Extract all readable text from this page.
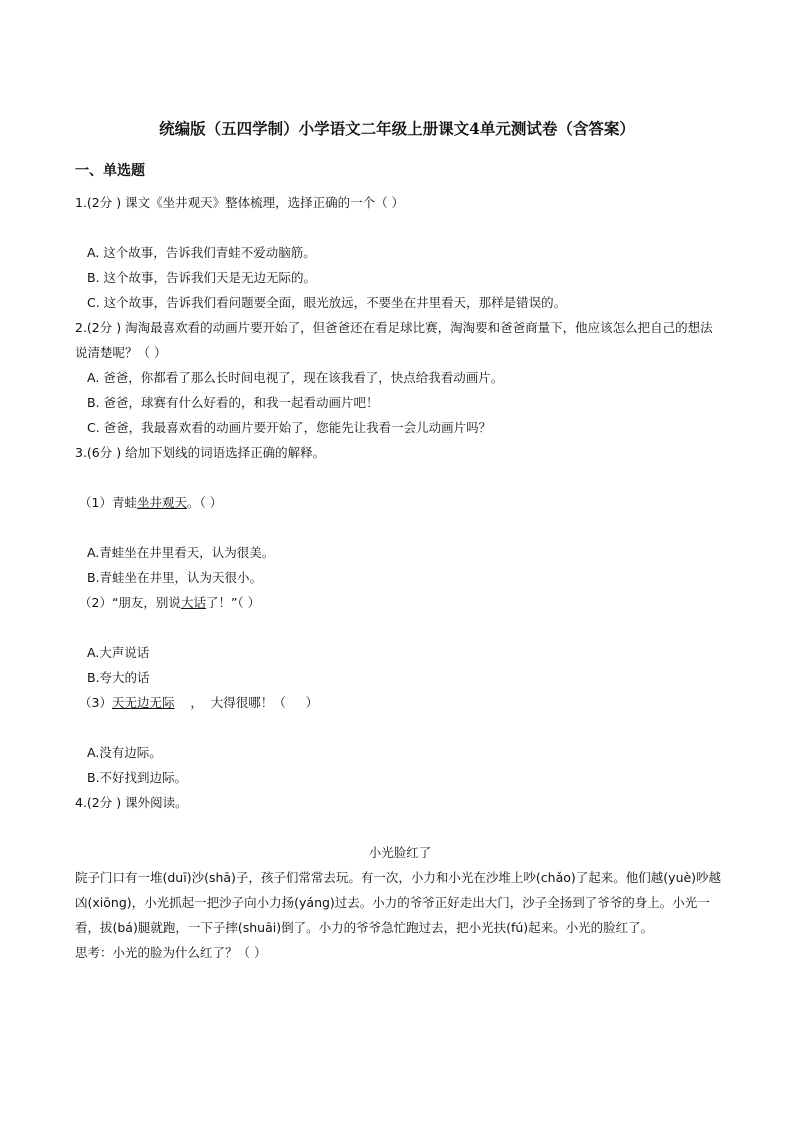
统编版（五四学制）小学语文二年级上册课文4单元测试卷（含答案）
一、单选题
1.(2分 ) 课文《坐井观天》整体梳理，选择正确的一个（ ）
A. 这个故事，告诉我们青蛙不爱动脑筋。
B. 这个故事，告诉我们天是无边无际的。
C. 这个故事，告诉我们看问题要全面，眼光放远，不要坐在井里看天，那样是错误的。
2.(2分 ) 淘淘最喜欢看的动画片要开始了，但爸爸还在看足球比赛，淘淘要和爸爸商量下，他应该怎么把自己的想法说清楚呢？（ ）
A. 爸爸，你都看了那么长时间电视了，现在该我看了，快点给我看动画片。
B. 爸爸，球赛有什么好看的，和我一起看动画片吧！
C. 爸爸，我最喜欢看的动画片要开始了，您能先让我看一会儿动画片吗？
3.(6分 ) 给加下划线的词语选择正确的解释。
（1）青蛙坐井观天。（ ）
A.青蛙坐在井里看天，认为很美。
B.青蛙坐在井里，认为天很小。
（2）“朋友，别说大话了！”（ ）
A.大声说话
B.夸大的话
（3）天无边无际    ，  大得很哪！（     ）
A.没有边际。
B.不好找到边际。
4.(2分 ) 课外阅读。
小光脸红了
院子门口有一堆(duī)沙(shā)子，孩子们常常去玩。有一次，小力和小光在沙堆上吵(chǎo)了起来。他们越(yuè)吵越凶(xiōng)，小光抓起一把沙子向小力扬(yáng)过去。小力的爷爷正好走出大门，沙子全扬到了爷爷的身上。小光一看，拔(bá)腿就跑，一下子摔(shuāi)倒了。小力的爷爷急忙跑过去，把小光扶(fú)起来。小光的脸红了。
思考：小光的脸为什么红了？（ ）
